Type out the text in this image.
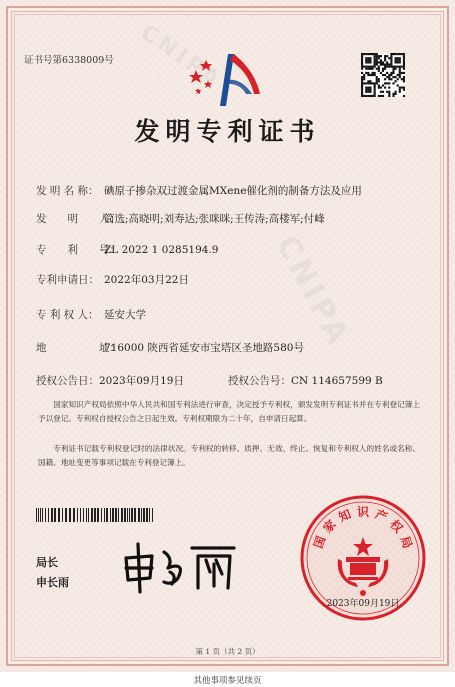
CNIPA
CNIPA
证书号第6338009号
发明专利证书
发 明 名 称： 碘原子掺杂双过渡金属MXene催化剂的制备方法及应用
发　　明　　人：简选;高晓明;刘寿达;张咪咪;王传涛;高楼军;付峰
专　　利　　号：ZL 2022 1 0285194.9
专利申请日： 2022年03月22日
专 利 权 人： 延安大学
地　　　　　址：716000 陕西省延安市宝塔区圣地路580号
授权公告日：2023年09月19日	授权公告号：CN 114657599 B
国家知识产权局依照中华人民共和国专利法进行审查，决定授予专利权，颁发发明专利证书并在专利登记簿上予以登记。专利权自授权公告之日起生效。专利权期限为二十年，自申请日起算。
专利证书记载专利权登记时的法律状况。专利权的转移、质押、无效、终止、恢复和专利权人的姓名或名称、国籍、地址变更等事项记载在专利登记簿上。
局长
申长雨
国
家
知 识 产
权
局
2023年09月19日
第 1 页（共 2 页）
其他事项参见续页
